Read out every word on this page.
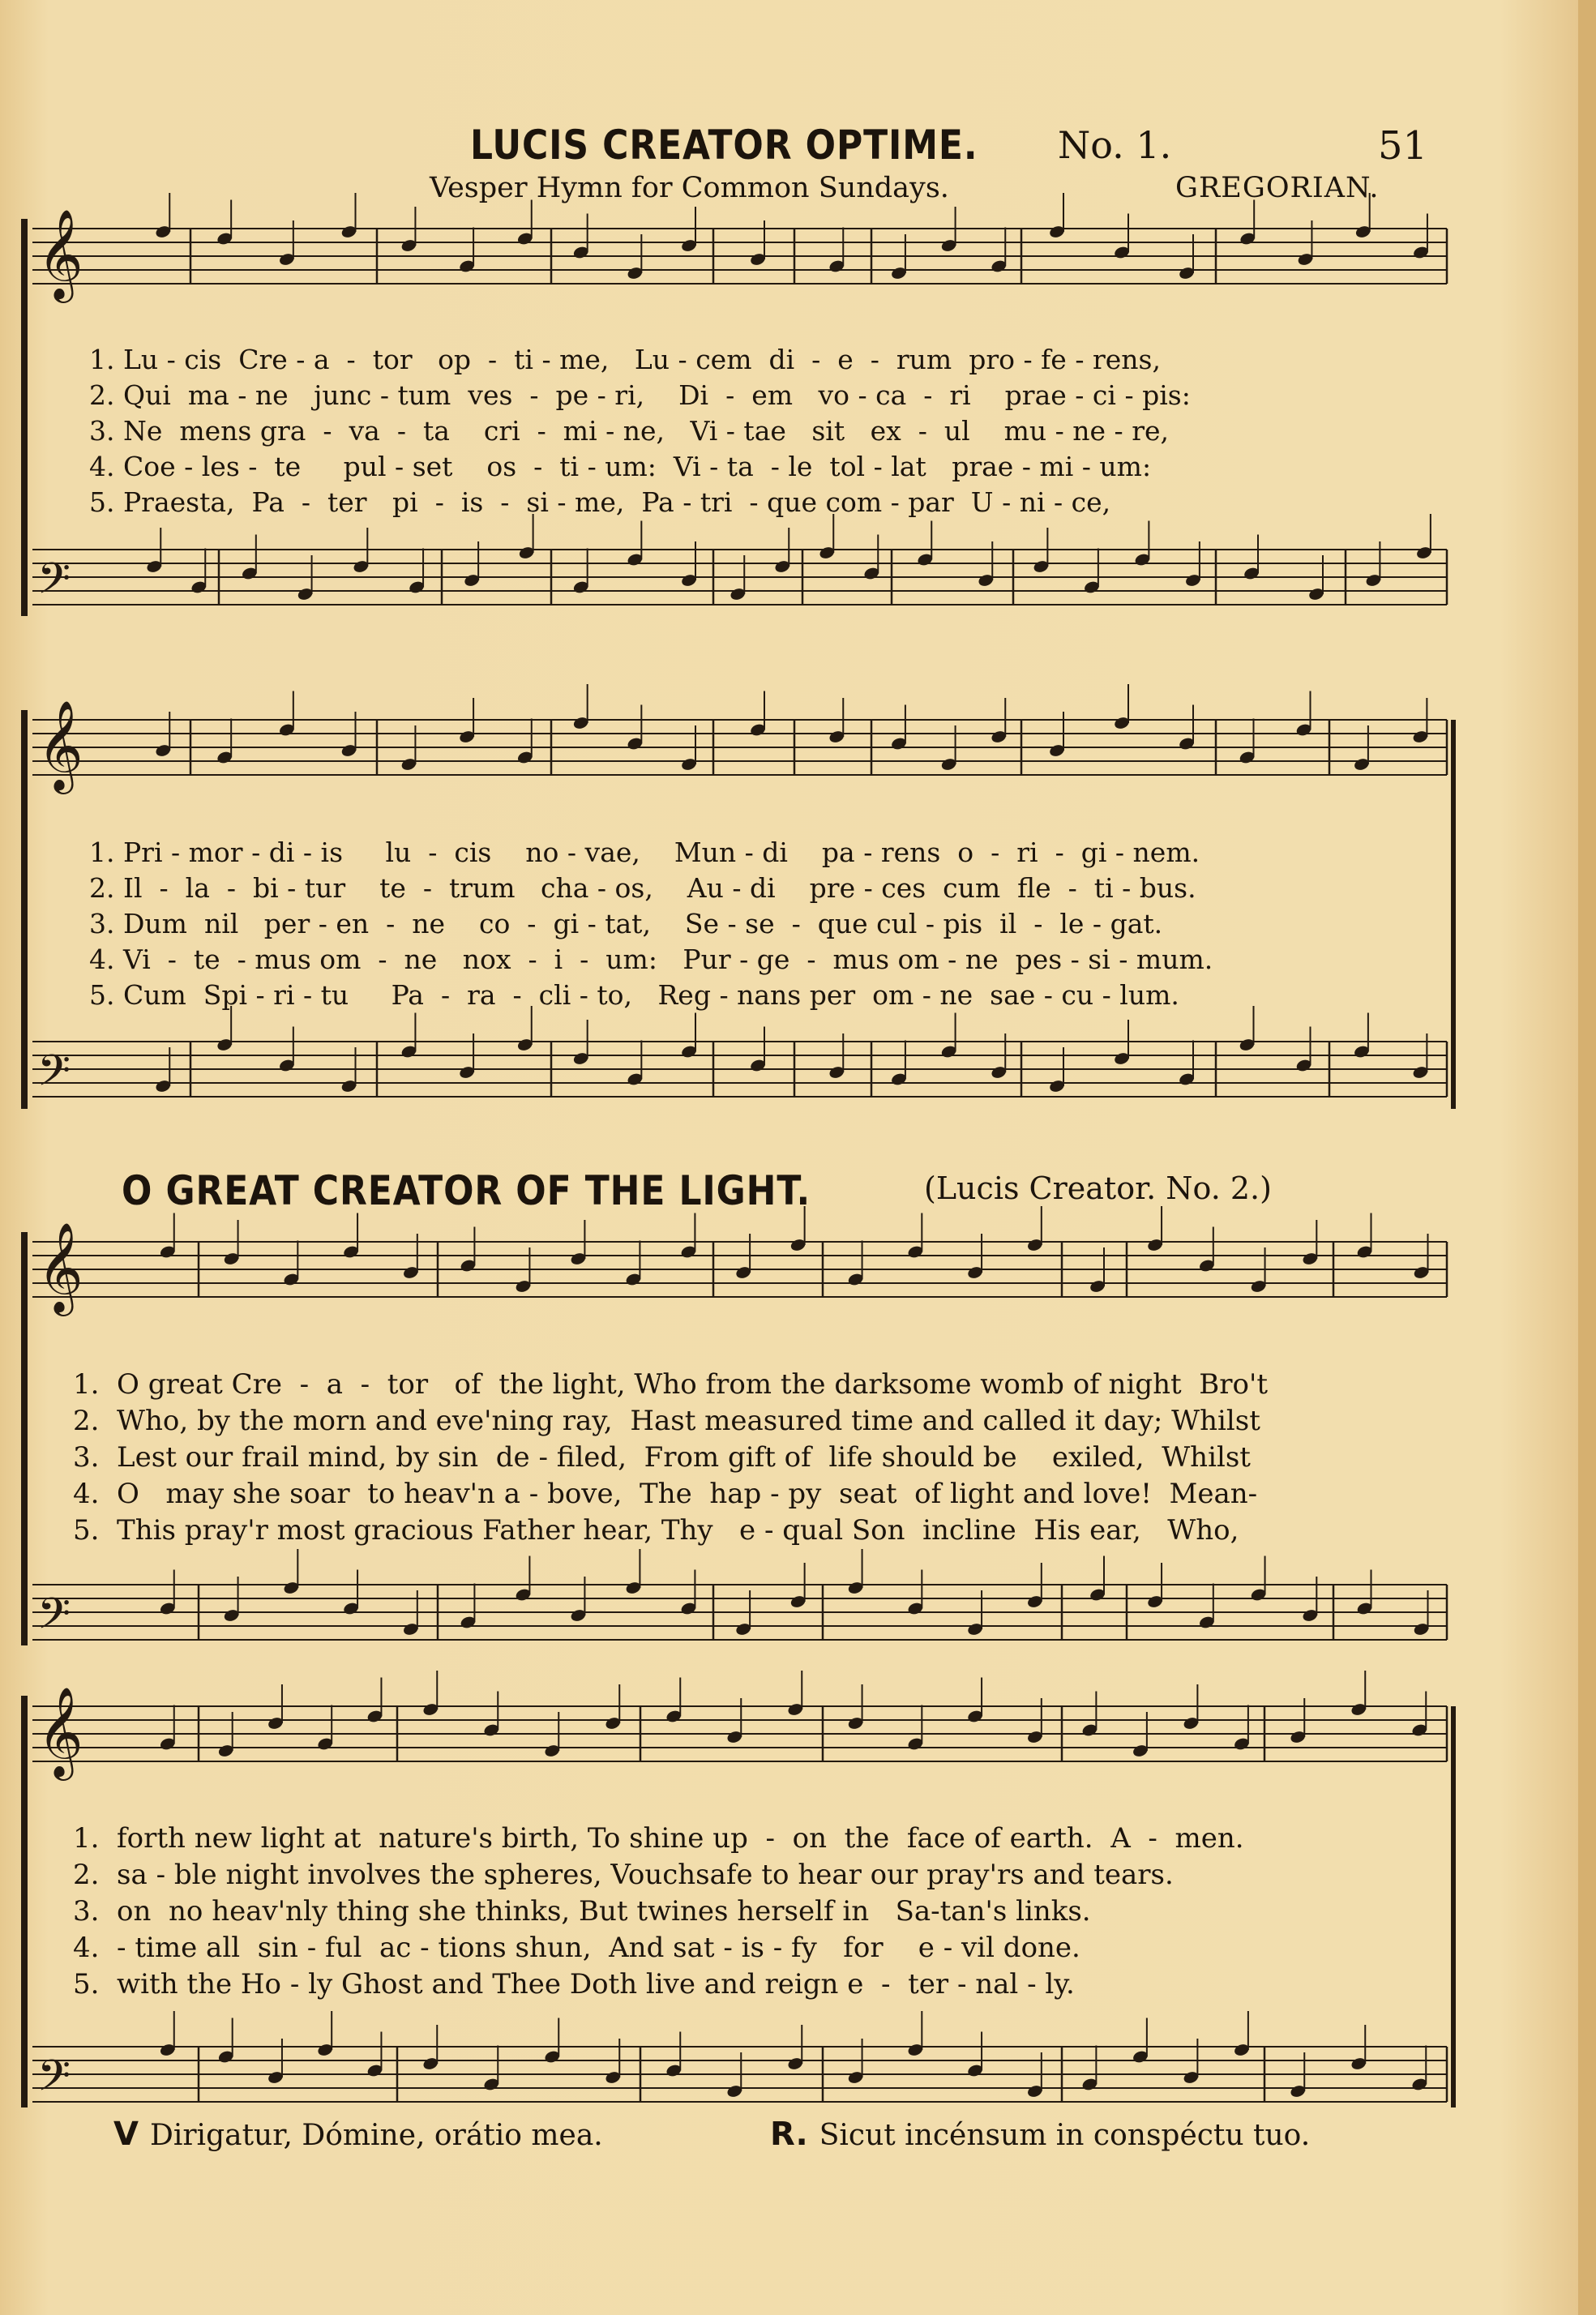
LUCIS CREATOR OPTIME. No. 1.	51
Vesper Hymn for Common Sundays.	GREGORIAN.
𝄞
𝄢
𝄞
𝄢
𝄞
𝄢
𝄞
𝄢
1. Lu - cis  Cre - a  -  tor   op  -  ti - me,   Lu - cem  di  -  e  -  rum  pro - fe - rens,
2. Qui  ma - ne   junc - tum  ves  -  pe - ri,    Di  -  em   vo - ca  -  ri    prae - ci - pis:
3. Ne  mens gra  -  va  -  ta    cri  -  mi - ne,   Vi - tae   sit   ex  -  ul    mu - ne - re,
4. Coe - les -  te     pul - set    os  -  ti - um:  Vi - ta  - le  tol - lat   prae - mi - um:
5. Praesta,  Pa  -  ter   pi  -  is  -  si - me,  Pa - tri  - que com - par  U - ni - ce,
1. Pri - mor - di - is     lu  -  cis    no - vae,    Mun - di    pa - rens  o  -  ri  -  gi - nem.
2. Il  -  la  -  bi - tur    te  -  trum   cha - os,    Au - di    pre - ces  cum  fle  -  ti - bus.
3. Dum  nil   per - en  -  ne    co  -  gi - tat,    Se - se  -  que cul - pis  il  -  le - gat.
4. Vi  -  te  - mus om  -  ne   nox  -  i  -  um:   Pur - ge  -  mus om - ne  pes - si - mum.
5. Cum  Spi - ri - tu     Pa  -  ra  -  cli - to,   Reg - nans per  om - ne  sae - cu - lum.
O GREAT CREATOR OF THE LIGHT.	(Lucis Creator. No. 2.)
1.  O great Cre  -  a  -  tor   of  the light, Who from the darksome womb of night  Bro't
2.  Who, by the morn and eve'ning ray,  Hast measured time and called it day; Whilst
3.  Lest our frail mind, by sin  de - filed,  From gift of  life should be    exiled,  Whilst
4.  O   may she soar  to heav'n a - bove,  The  hap - py  seat  of light and love!  Mean-
5.  This pray'r most gracious Father hear, Thy   e - qual Son  incline  His ear,   Who,
1.  forth new light at  nature's birth, To shine up  -  on  the  face of earth.  A  -  men.
2.  sa - ble night involves the spheres, Vouchsafe to hear our pray'rs and tears.
3.  on  no heav'nly thing she thinks, But twines herself in   Sa-tan's links.
4.  - time all  sin - ful  ac - tions shun,  And sat - is - fy   for    e - vil done.
5.  with the Ho - ly Ghost and Thee Doth live and reign e  -  ter - nal - ly.
V Dirigatur, Dómine, orátio mea.	R. Sicut incénsum in conspéctu tuo.
